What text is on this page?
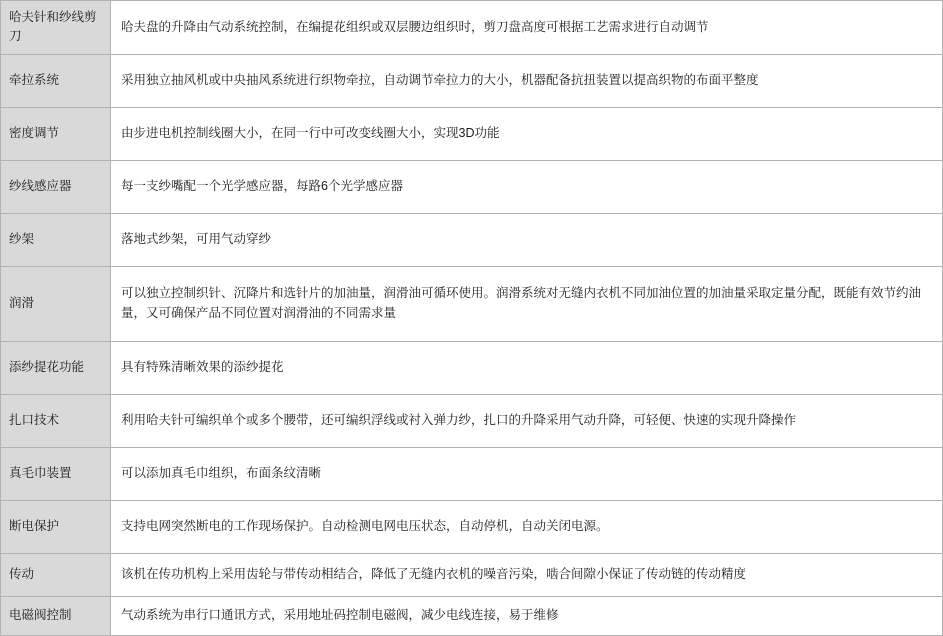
哈夫针和纱线剪刀	哈夫盘的升降由气动系统控制，在编提花组织或双层腰边组织时，剪刀盘高度可根据工艺需求进行自动调节
牵拉系统	采用独立抽风机或中央抽风系统进行织物牵拉，自动调节牵拉力的大小，机器配备抗扭装置以提高织物的布面平整度
密度调节	由步进电机控制线圈大小，在同一行中可改变线圈大小，实现3D功能
纱线感应器	每一支纱嘴配一个光学感应器，每路6个光学感应器
纱架	落地式纱架，可用气动穿纱
润滑	可以独立控制织针、沉降片和选针片的加油量，润滑油可循环使用。润滑系统对无缝内衣机不同加油位置的加油量采取定量分配，既能有效节约油量，又可确保产品不同位置对润滑油的不同需求量
添纱提花功能	具有特殊清晰效果的添纱提花
扎口技术	利用哈夫针可编织单个或多个腰带，还可编织浮线或衬入弹力纱，扎口的升降采用气动升降，可轻便、快速的实现升降操作
真毛巾装置	可以添加真毛巾组织，布面条纹清晰
断电保护	支持电网突然断电的工作现场保护。自动检测电网电压状态，自动停机，自动关闭电源。
传动	该机在传功机构上采用齿轮与带传动相结合，降低了无缝内衣机的噪音污染，啮合间隙小保证了传动链的传动精度
电磁阀控制	气动系统为串行口通讯方式，采用地址码控制电磁阀，减少电线连接，易于维修
